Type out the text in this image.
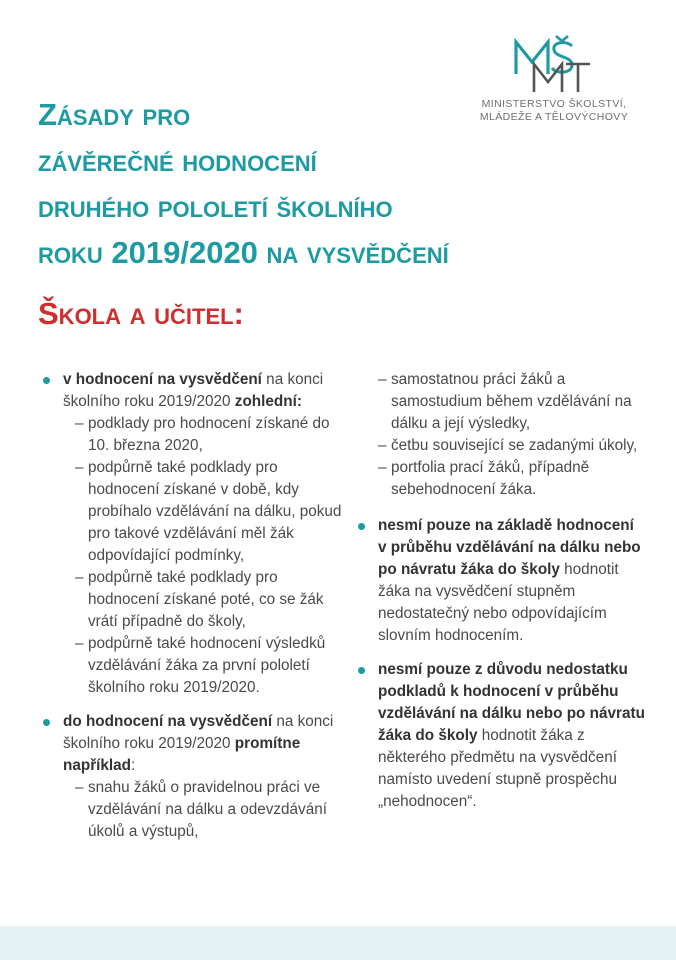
MINISTERSTVO ŠKOLSTVÍ,
MLÁDEŽE A TĚLOVÝCHOVY
Zásady pro
závěrečné hodnocení
druhého pololetí školního
roku 2019/2020 na vysvědčení
Škola a učitel:
v hodnocení na vysvědčení na konci školního roku 2019/2020 zohlední:
– podklady pro hodnocení získané do 10. března 2020,
– podpůrně také podklady pro hodnocení získané v době, kdy probíhalo vzdělávání na dálku, pokud pro takové vzdělávání měl žák odpovídající podmínky,
– podpůrně také podklady pro hodnocení získané poté, co se žák vrátí případně do školy,
– podpůrně také hodnocení výsledků vzdělávání žáka za první pololetí školního roku 2019/2020.
do hodnocení na vysvědčení na konci školního roku 2019/2020 promítne například:
– snahu žáků o pravidelnou práci ve vzdělávání na dálku a odevzdávání úkolů a výstupů,
– samostatnou práci žáků a samostudium během vzdělávání na dálku a její výsledky,
– četbu související se zadanými úkoly,
– portfolia prací žáků, případně sebehodnocení žáka.
nesmí pouze na základě hodnocení v průběhu vzdělávání na dálku nebo po návratu žáka do školy hodnotit žáka na vysvědčení stupněm nedostatečný nebo odpovídajícím slovním hodnocením.
nesmí pouze z důvodu nedostatku podkladů k hodnocení v průběhu vzdělávání na dálku nebo po návratu žáka do školy hodnotit žáka z některého předmětu na vysvědčení namísto uvedení stupně prospěchu „nehodnocen“.
